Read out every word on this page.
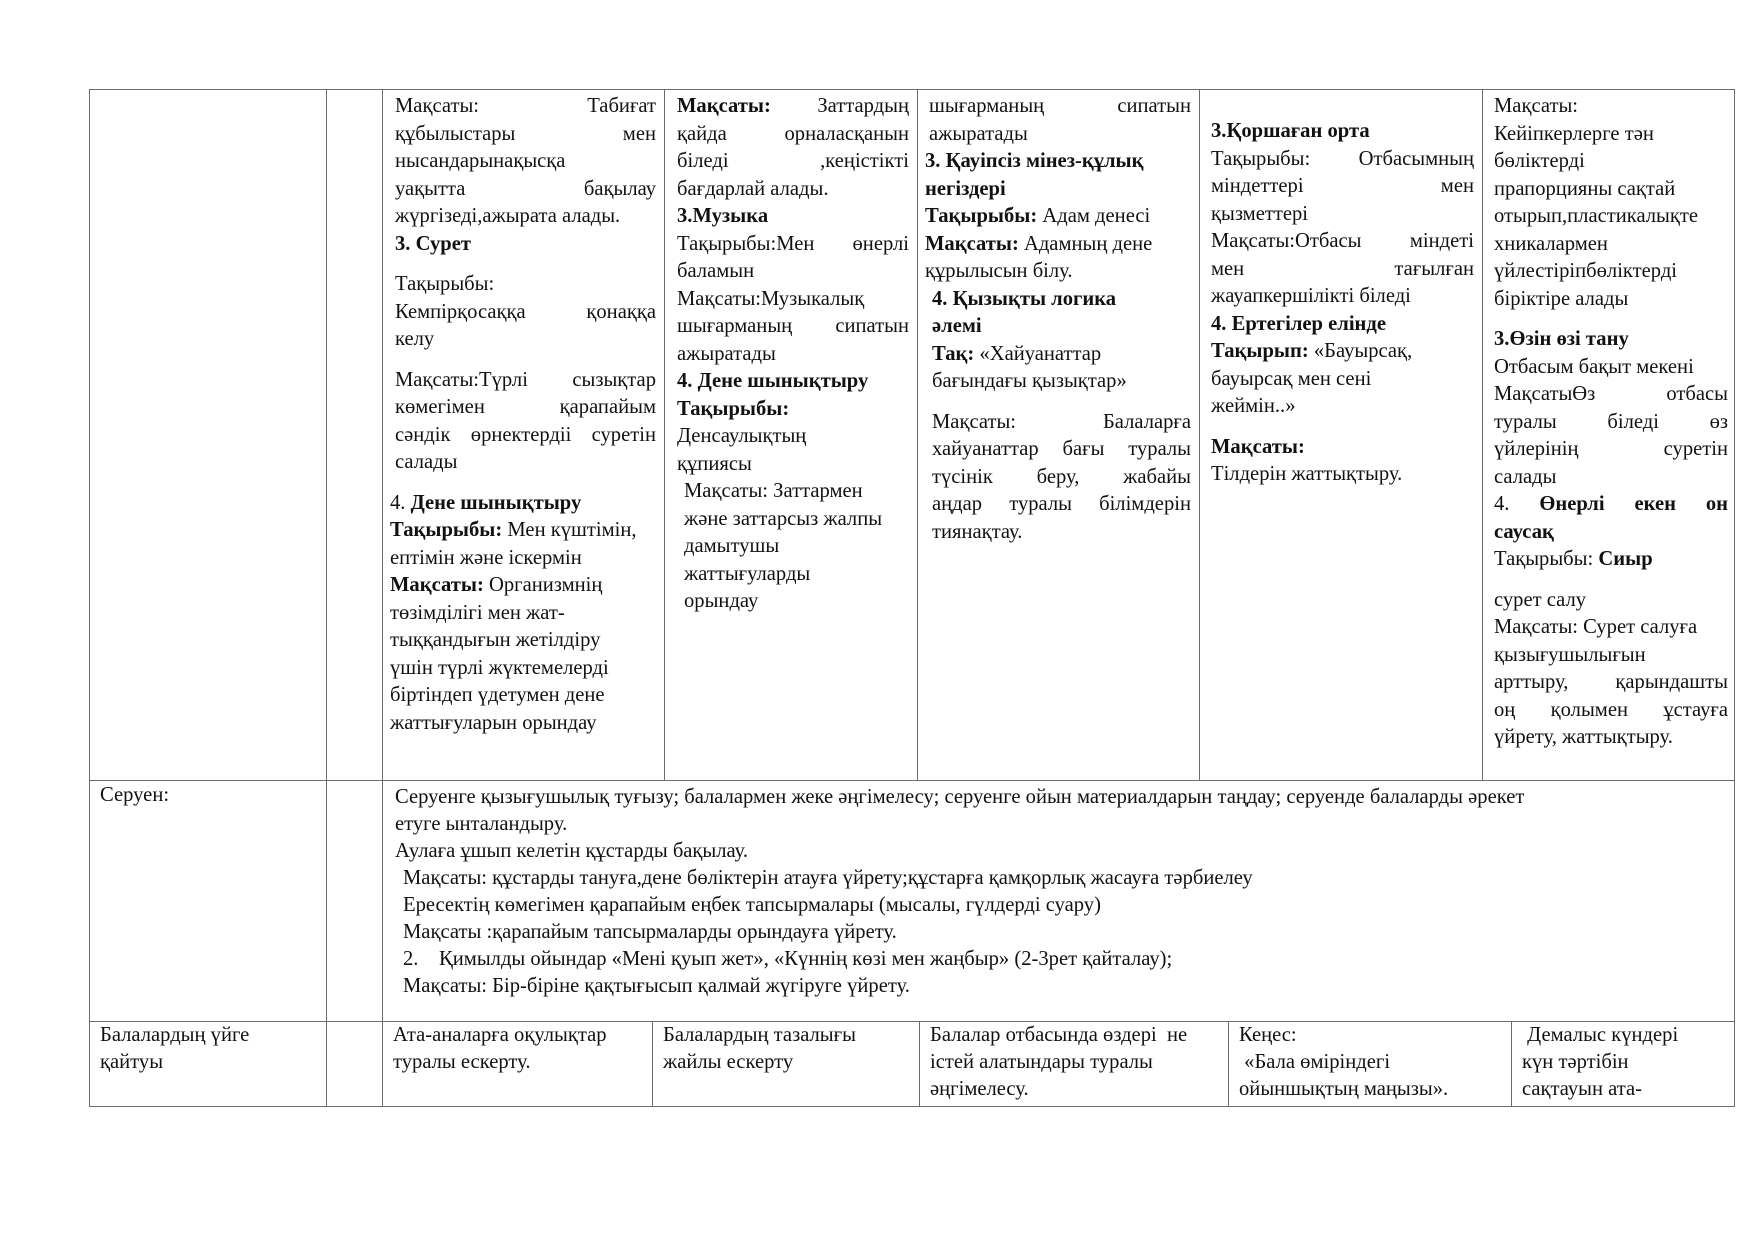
Мақсаты: Табиғат
құбылыстары мен
нысандарынақысқа
уақытта бақылау
жүргізеді,ажырата алады.
3. Сурет
Тақырыбы:
Кемпірқосаққа қонаққа
келу
Мақсаты:Түрлі сызықтар
көмегімен қарапайым
сәндік өрнектердіі суретін
салады
4. Дене шынықтыру
Тақырыбы: Мен күштімін,
ептімін және іскермін
Мақсаты: Организмнің
төзімділігі мен жат-
тыққандығын жетілдіру
үшін түрлі жүктемелерді
біртіндеп үдетумен дене
жаттығуларын орындау
Мақсаты: Заттардың
қайда орналасқанын
біледі ,кеңістікті
бағдарлай алады.
3.Музыка
Тақырыбы:Мен өнерлі
баламын
Мақсаты:Музыкалық
шығарманың сипатын
ажыратады
4. Дене шынықтыру
Тақырыбы:
Денсаулықтың
құпиясы
Мақсаты: Заттармен
және заттарсыз жалпы
дамытушы
жаттығуларды
орындау
шығарманың сипатын
ажыратады
3. Қауіпсіз мінез-құлық
негіздері
Тақырыбы: Адам денесі
Мақсаты: Адамның дене
құрылысын білу.
4. Қызықты логика
әлемі
Тақ: «Хайуанаттар
бағындағы қызықтар»
Мақсаты: Балаларға
хайуанаттар бағы туралы
түсінік беру, жабайы
аңдар туралы білімдерін
тиянақтау.
3.Қоршаған орта
Тақырыбы: Отбасымның
міндеттері мен
қызметтері
Мақсаты:Отбасы міндеті
мен тағылған
жауапкершілікті біледі
4. Ертегілер елінде
Тақырып: «Бауырсақ,
бауырсақ мен сені
жеймін..»
Мақсаты:
Тілдерін жаттықтыру.
Мақсаты:
Кейіпкерлерге тән
бөліктерді
прапорцияны сақтай
отырып,пластикалықте
хникалармен
үйлестіріпбөліктерді
біріктіре алады
3.Өзін өзі тану
Отбасым бақыт мекені
МақсатыӨз отбасы
туралы біледі өз
үйлерінің суретін
салады
4. Өнерлі екен он
саусақ
Тақырыбы: Сиыр
сурет салу
Мақсаты: Сурет салуға
қызығушылығын
арттыру, қарындашты
оң қолымен ұстауға
үйрету, жаттықтыру.
Серуен:	Серуенге қызығушылық туғызу; балалармен жеке әңгімелесу; серуенге ойын материалдарын таңдау; серуенде балаларды әрекет
етуге ынталандыру.
Аулаға ұшып келетін құстарды бақылау.
Мақсаты: құстарды тануға,дене бөліктерін атауға үйрету;құстарға қамқорлық жасауға тәрбиелеу
Ересектің көмегімен қарапайым еңбек тапсырмалары (мысалы, гүлдерді суару)
Мақсаты :қарапайым тапсырмаларды орындауға үйрету.
2.    Қимылды ойындар «Мені қуып жет», «Күннің көзі мен жаңбыр» (2-3рет қайталау);
Мақсаты: Бір-біріне қақтығысып қалмай жүгіруге үйрету.
Балалардың үйге
қайтуы
Ата-аналарға оқулықтар
туралы ескерту.
Балалардың тазалығы
жайлы ескерту
Балалар отбасында өздері  не
істей алатындары туралы
әңгімелесу.
Кеңес:
«Бала өміріндегі
ойыншықтың маңызы».
Демалыс күндері
күн тәртібін
сақтауын ата-
